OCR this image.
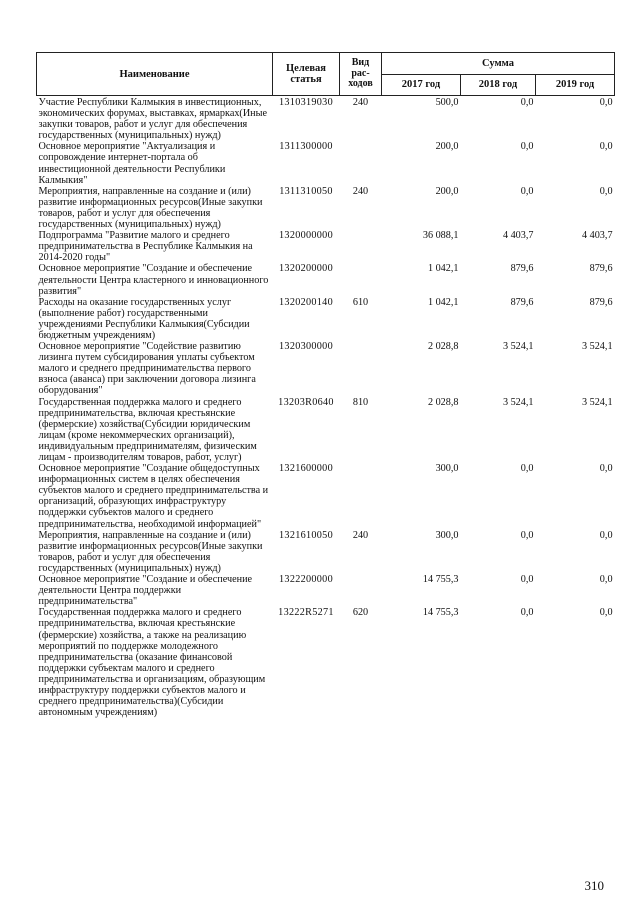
Наименование	Целевая статья	Вид рас-ходов	Сумма		
			2017 год	2018 год	2019 год
Участие Республики Калмыкия в инвестиционных, экономических форумах, выставках, ярмарках(Иные закупки товаров, работ и услуг для обеспечения государственных (муниципальных) нужд)	1310319030	240	500,0	0,0	0,0
Основное мероприятие "Актуализация и сопровождение интернет-портала об инвестиционной деятельности Республики Калмыкия"	1311300000		200,0	0,0	0,0
Мероприятия, направленные на создание и (или) развитие информационных ресурсов(Иные закупки товаров, работ и услуг для обеспечения государственных (муниципальных) нужд)	1311310050	240	200,0	0,0	0,0
Подпрограмма "Развитие малого и среднего предпринимательства в Республике Калмыкия на 2014-2020 годы"	1320000000		36 088,1	4 403,7	4 403,7
Основное мероприятие "Создание и обеспечение деятельности Центра кластерного и инновационного развития"	1320200000		1 042,1	879,6	879,6
Расходы на оказание государственных услуг (выполнение работ) государственными учреждениями Республики Калмыкия(Субсидии бюджетным учреждениям)	1320200140	610	1 042,1	879,6	879,6
Основное мероприятие "Содействие развитию лизинга путем субсидирования уплаты субъектом малого и среднего предпринимательства первого взноса (аванса) при заключении договора лизинга оборудования"	1320300000		2 028,8	3 524,1	3 524,1
Государственная поддержка малого и среднего предпринимательства, включая крестьянские (фермерские) хозяйства(Субсидии юридическим лицам (кроме некоммерческих организаций), индивидуальным предпринимателям, физическим лицам - производителям товаров, работ, услуг)	13203R0640	810	2 028,8	3 524,1	3 524,1
Основное мероприятие "Создание общедоступных информационных систем в целях обеспечения субъектов малого и среднего предпринимательства и организаций, образующих инфраструктуру поддержки субъектов малого и среднего предпринимательства, необходимой информацией"	1321600000		300,0	0,0	0,0
Мероприятия, направленные на создание и (или) развитие информационных ресурсов(Иные закупки товаров, работ и услуг для обеспечения государственных (муниципальных) нужд)	1321610050	240	300,0	0,0	0,0
Основное мероприятие "Создание и обеспечение деятельности Центра поддержки предпринимательства"	1322200000		14 755,3	0,0	0,0
Государственная поддержка малого и среднего предпринимательства, включая крестьянские (фермерские) хозяйства, а также на реализацию мероприятий по поддержке молодежного предпринимательства (оказание финансовой поддержки субъектам малого и среднего предпринимательства и организациям, образующим инфраструктуру поддержки субъектов малого и среднего предпринимательства)(Субсидии автономным учреждениям)	13222R5271	620	14 755,3	0,0	0,0
310
